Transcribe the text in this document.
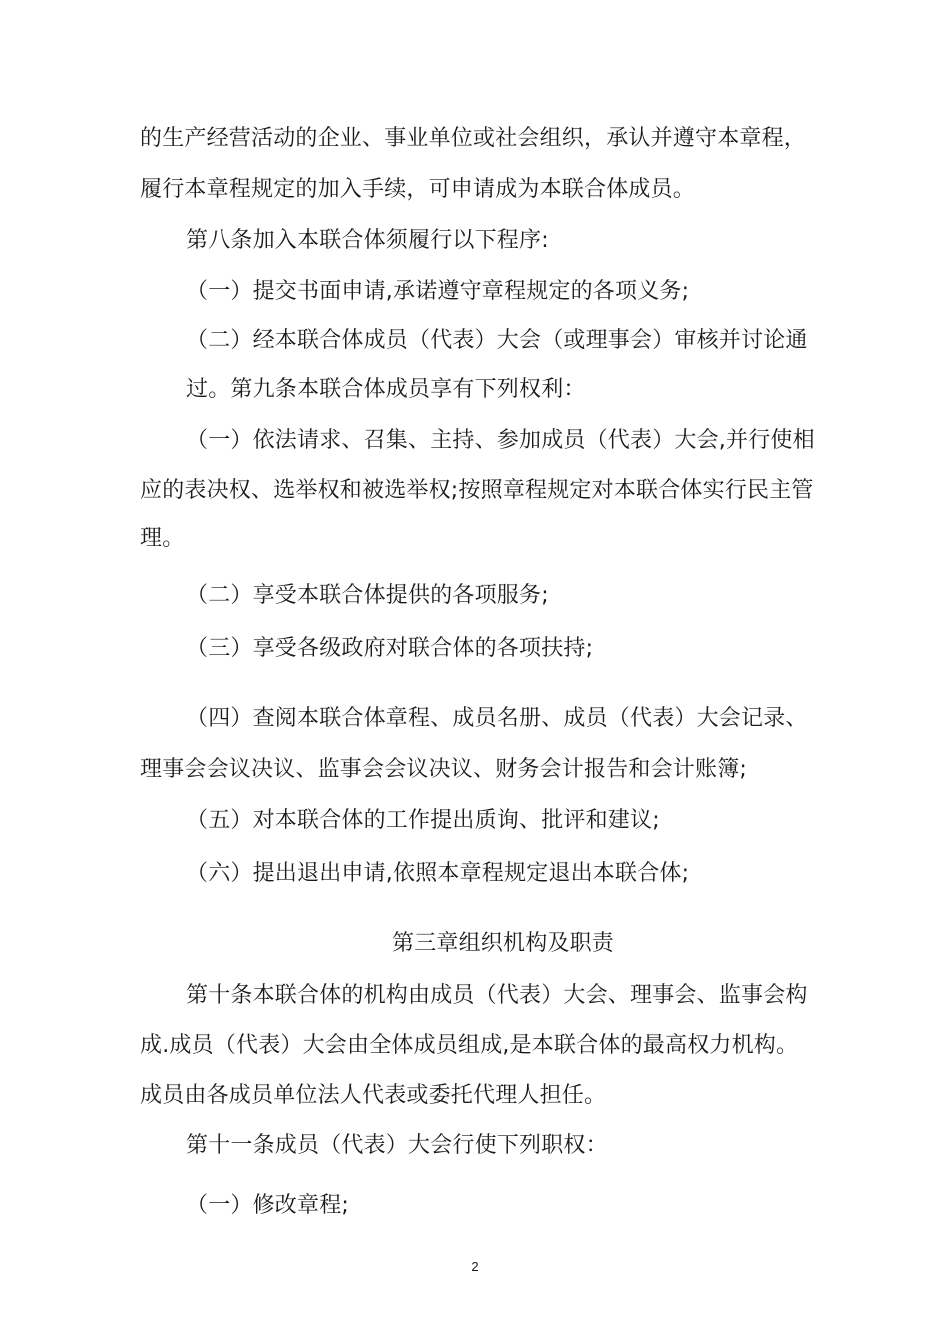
的生产经营活动的企业、事业单位或社会组织，承认并遵守本章程，
履行本章程规定的加入手续，可申请成为本联合体成员。
第八条加入本联合体须履行以下程序:
（一）提交书面申请,承诺遵守章程规定的各项义务;
（二）经本联合体成员（代表）大会（或理事会）审核并讨论通
过。第九条本联合体成员享有下列权利：
（一）依法请求、召集、主持、参加成员（代表）大会,并行使相
应的表决权、选举权和被选举权;按照章程规定对本联合体实行民主管
理。
（二）享受本联合体提供的各项服务;
（三）享受各级政府对联合体的各项扶持;
（四）查阅本联合体章程、成员名册、成员（代表）大会记录、
理事会会议决议、监事会会议决议、财务会计报告和会计账簿;
（五）对本联合体的工作提出质询、批评和建议;
（六）提出退出申请,依照本章程规定退出本联合体;
第三章组织机构及职责
第十条本联合体的机构由成员（代表）大会、理事会、监事会构
成.成员（代表）大会由全体成员组成,是本联合体的最高权力机构。
成员由各成员单位法人代表或委托代理人担任。
第十一条成员（代表）大会行使下列职权：
（一）修改章程;
2
